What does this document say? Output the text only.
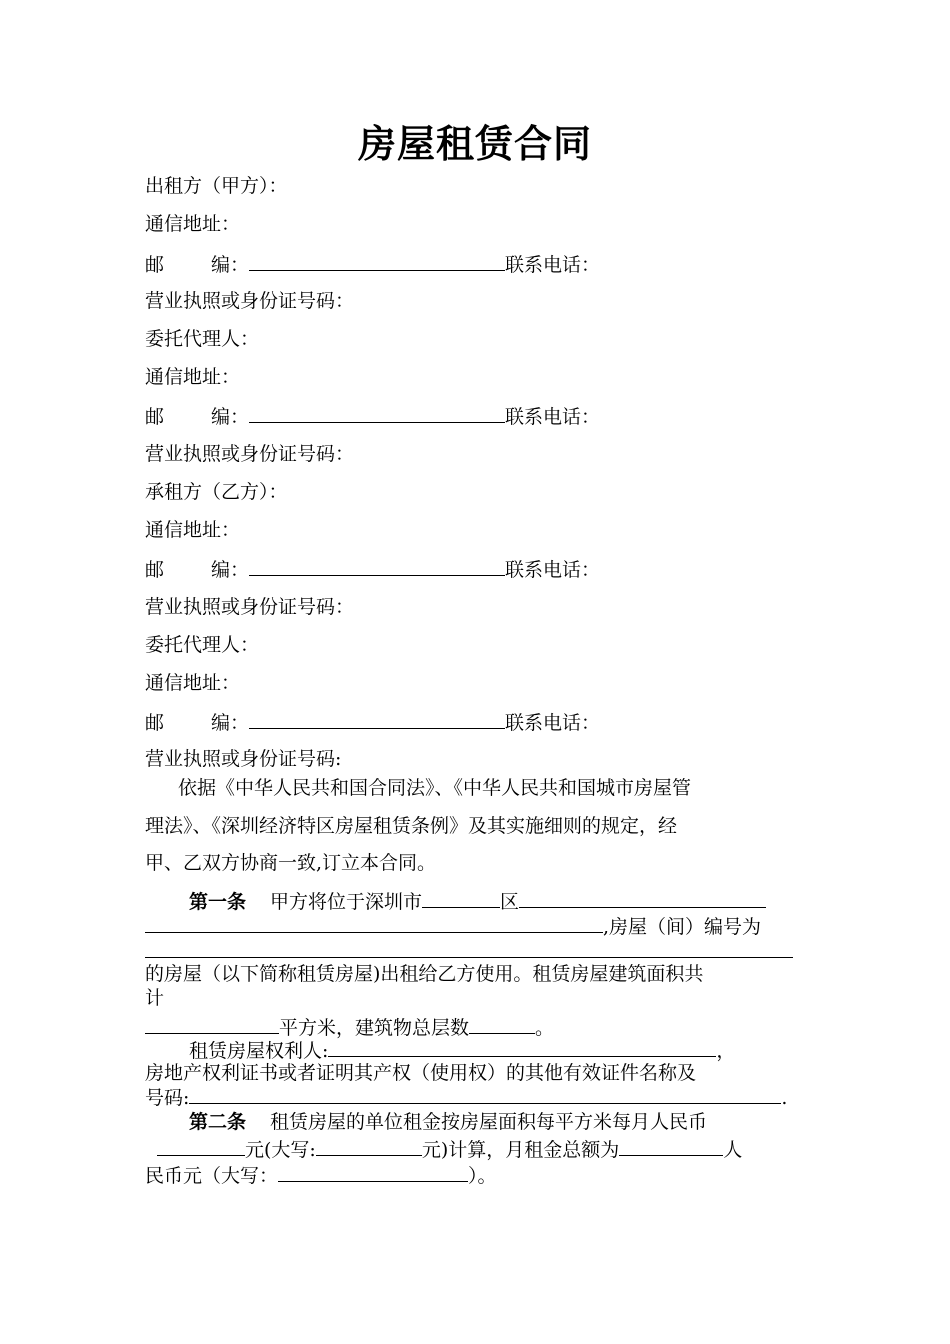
房屋租赁合同
出租方（甲方）：
通信地址：
邮 编：	联系电话：
营业执照或身份证号码：
委托代理人：
通信地址：
邮 编：	联系电话：
营业执照或身份证号码：
承租方（乙方）：
通信地址：
邮 编：	联系电话：
营业执照或身份证号码：
委托代理人：
通信地址：
邮 编：	联系电话：
营业执照或身份证号码:
依据《中华人民共和国合同法》、《中华人民共和国城市房屋管
理法》、《深圳经济特区房屋租赁条例》及其实施细则的规定，经
甲、乙双方协商一致,订立本合同。
第一条 甲方将位于深圳市	区
,房屋（间）编号为
的房屋（以下简称租赁房屋)出租给乙方使用。租赁房屋建筑面积共
计
平方米，建筑物总层数	。
租赁房屋权利人:	，
房地产权利证书或者证明其产权（使用权）的其他有效证件名称及
号码:	.
第二条 租赁房屋的单位租金按房屋面积每平方米每月人民币
元(大写:	元)计算，月租金总额为	人
民币元（大写：	）。
